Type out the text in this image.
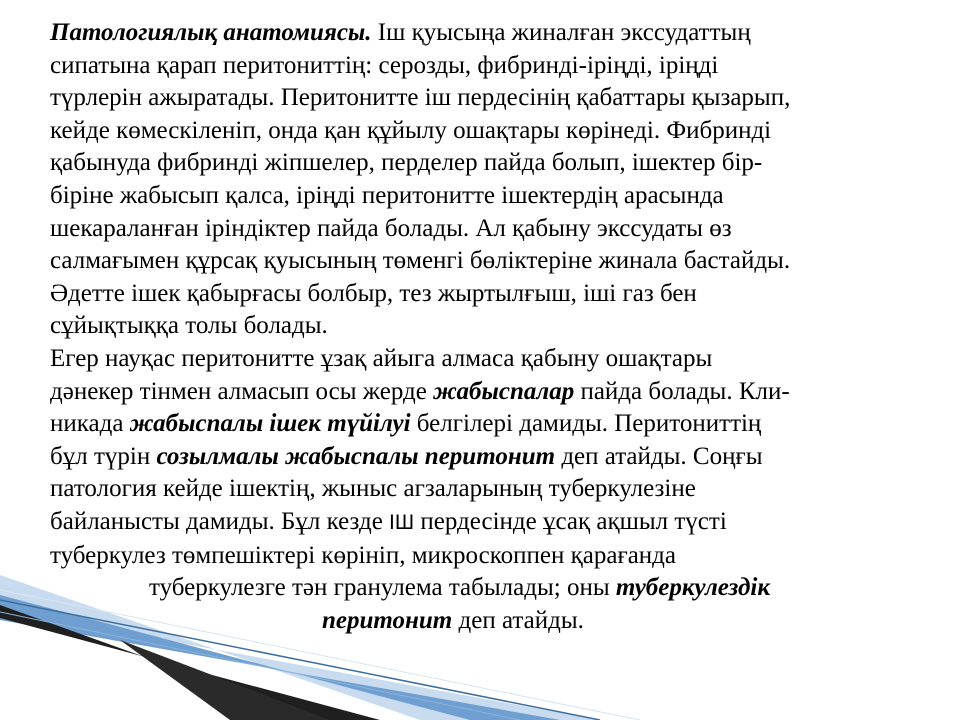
Патологиялық анатомиясы. Іш қуысыңа жиналған экссудаттың

сипатына қарап перитониттің: серозды, фибринді-іріңді, іріңді

түрлерін ажыратады. Перитонитте іш пердесінің қабаттары қызарып,

кейде көмескіленіп, онда қан құйылу ошақтары көрінеді. Фибринді

қабынуда фибринді жіпшелер, перделер пайда болып, ішектер бір-

біріне жабысып қалса, іріңді перитонитте ішектердің арасында

шекараланған іріндіктер пайда болады. Ал қабыну экссудаты өз

салмағымен құрсақ қуысының төменгі бөліктеріне жинала бастайды.

Әдетте ішек қабырғасы болбыр, тез жыртылғыш, іші газ бен

сұйықтыққа толы болады.

Егер науқас перитонитте ұзақ айыга алмаса қабыну ошақтары

дәнекер тінмен алмасып осы жерде жабыспалар пайда болады. Кли-

никада жабыспалы ішек түйілуі белгілері дамиды. Перитониттің

бұл түрін созылмалы жабыспалы перитонит деп атайды. Соңғы

патология кейде ішектің, жыныс агзаларының туберкулезіне

байланысты дамиды. Бұл кезде ІШ пердесінде ұсақ ақшыл түсті

туберкулез төмпешіктері көрініп, микроскоппен қарағанда

туберкулезге тән гранулема табылады; оны туберкулездік

перитонит деп атайды.
